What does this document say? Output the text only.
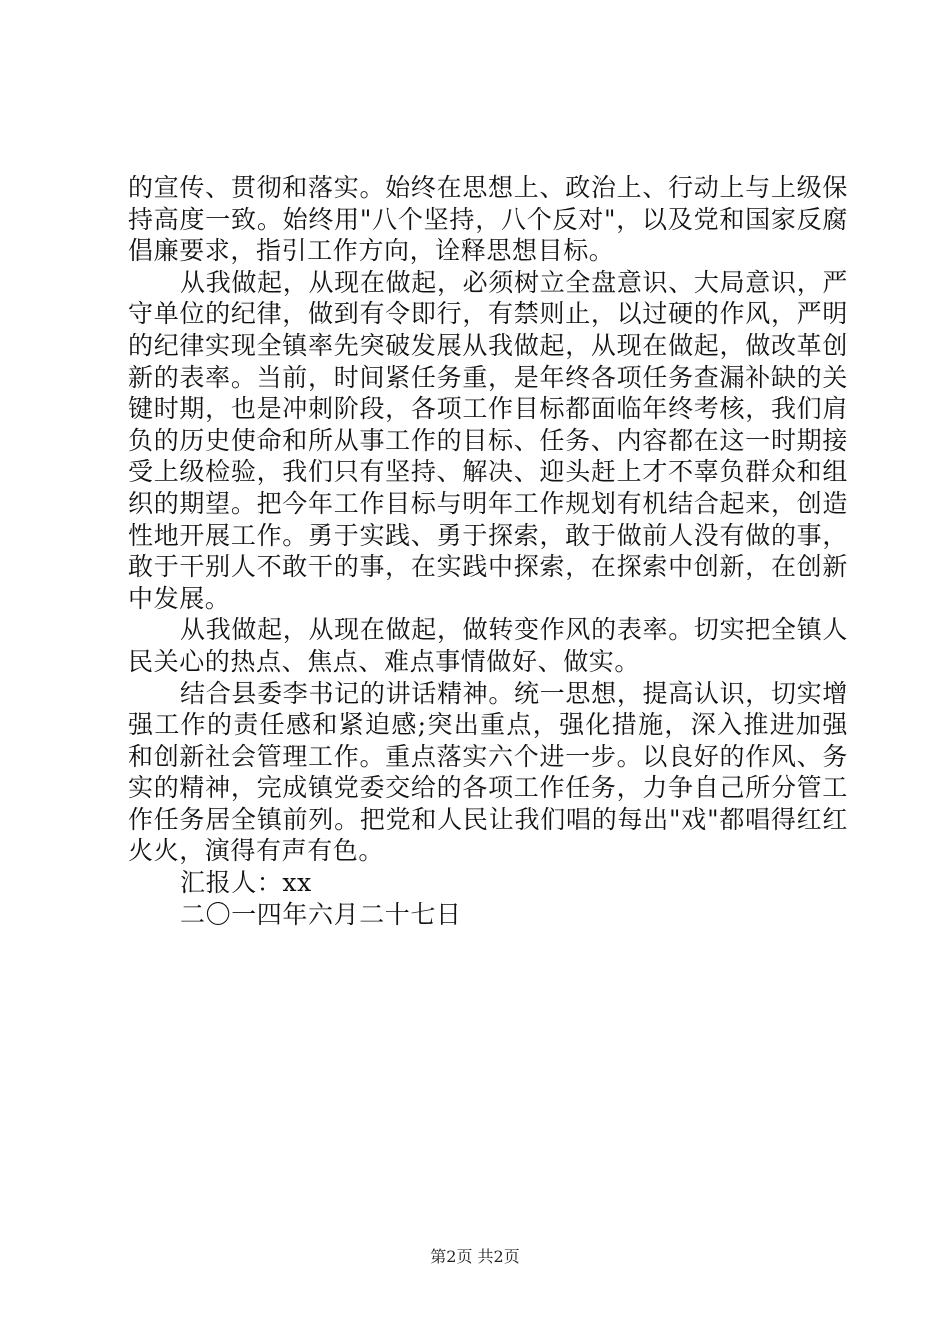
的宣传、贯彻和落实。始终在思想上、政治上、行动上与上级保持高度一致。始终用"八个坚持，八个反对"，以及党和国家反腐倡廉要求，指引工作方向，诠释思想目标。

从我做起，从现在做起，必须树立全盘意识、大局意识，严守单位的纪律，做到有令即行，有禁则止，以过硬的作风，严明的纪律实现全镇率先突破发展从我做起，从现在做起，做改革创新的表率。当前，时间紧任务重，是年终各项任务查漏补缺的关键时期，也是冲刺阶段，各项工作目标都面临年终考核，我们肩负的历史使命和所从事工作的目标、任务、内容都在这一时期接受上级检验，我们只有坚持、解决、迎头赶上才不辜负群众和组织的期望。把今年工作目标与明年工作规划有机结合起来，创造性地开展工作。勇于实践、勇于探索，敢于做前人没有做的事，敢于干别人不敢干的事，在实践中探索，在探索中创新，在创新中发展。

从我做起，从现在做起，做转变作风的表率。切实把全镇人民关心的热点、焦点、难点事情做好、做实。

结合县委李书记的讲话精神。统一思想，提高认识，切实增强工作的责任感和紧迫感;突出重点，强化措施，深入推进加强和创新社会管理工作。重点落实六个进一步。以良好的作风、务实的精神，完成镇党委交给的各项工作任务，力争自己所分管工作任务居全镇前列。把党和人民让我们唱的每出"戏"都唱得红红火火，演得有声有色。

汇报人：xx

二〇一四年六月二十七日

第2页 共2页
